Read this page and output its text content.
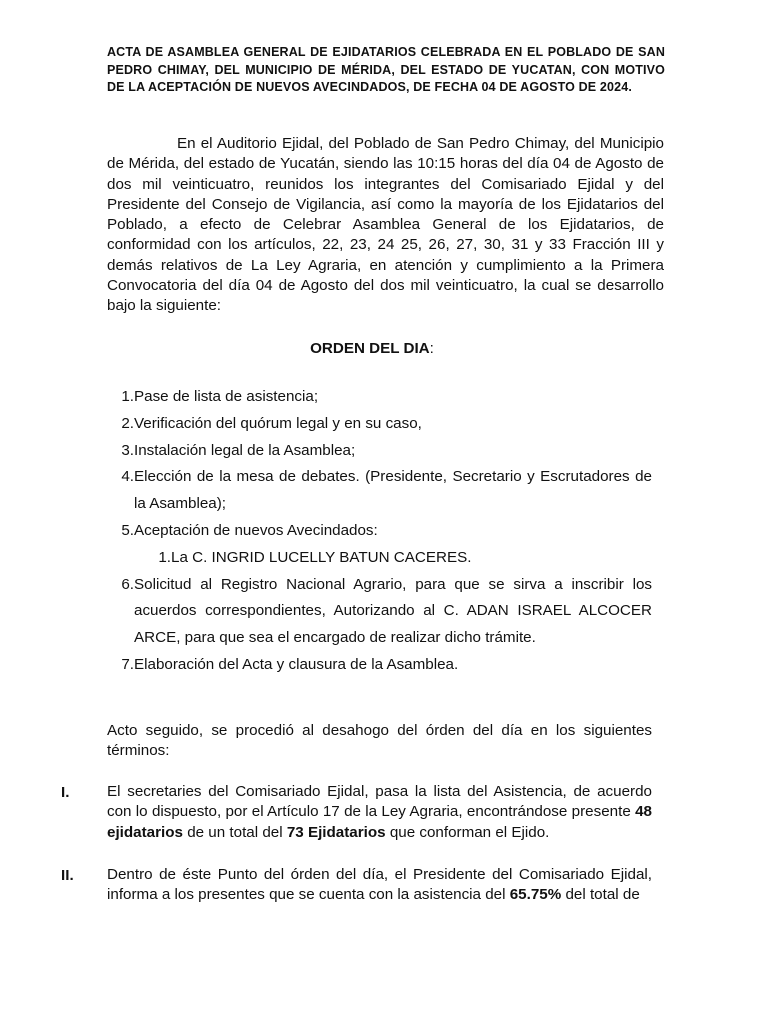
ACTA DE ASAMBLEA GENERAL DE EJIDATARIOS CELEBRADA EN EL POBLADO DE SAN PEDRO CHIMAY, DEL MUNICIPIO DE MÉRIDA, DEL ESTADO DE YUCATAN, CON MOTIVO DE LA ACEPTACIÓN DE NUEVOS AVECINDADOS, DE FECHA 04 DE AGOSTO DE 2024.
En el Auditorio Ejidal, del Poblado de San Pedro Chimay, del Municipio de Mérida, del estado de Yucatán, siendo las 10:15 horas del día 04 de Agosto de dos mil veinticuatro, reunidos los integrantes del Comisariado Ejidal y del Presidente del Consejo de Vigilancia, así como la mayoría de los Ejidatarios del Poblado, a efecto de Celebrar Asamblea General de los Ejidatarios, de conformidad con los artículos, 22, 23, 24 25, 26, 27, 30, 31 y 33 Fracción III y demás relativos de La Ley Agraria, en atención y cumplimiento a la Primera Convocatoria del día 04 de Agosto del dos mil veinticuatro, la cual se desarrollo bajo la siguiente:
ORDEN DEL DIA:
1. Pase de lista de asistencia;
2. Verificación del quórum legal y en su caso,
3. Instalación legal de la Asamblea;
4. Elección de la mesa de debates. (Presidente, Secretario y Escrutadores de la Asamblea);
5. Aceptación de nuevos Avecindados:
1. La C. INGRID LUCELLY BATUN CACERES.
6. Solicitud al Registro Nacional Agrario, para que se sirva a inscribir los acuerdos correspondientes, Autorizando al C. ADAN ISRAEL ALCOCER ARCE, para que sea el encargado de realizar dicho trámite.
7. Elaboración del Acta y clausura de la Asamblea.
Acto seguido, se procedió al desahogo del órden del día en los siguientes términos:
I. El secretaries del Comisariado Ejidal, pasa la lista del Asistencia, de acuerdo con lo dispuesto, por el Artículo 17 de la Ley Agraria, encontrándose presente 48 ejidatarios de un total del 73 Ejidatarios que conforman el Ejido.
II. Dentro de éste Punto del órden del día, el Presidente del Comisariado Ejidal, informa a los presentes que se cuenta con la asistencia del 65.75% del total de
